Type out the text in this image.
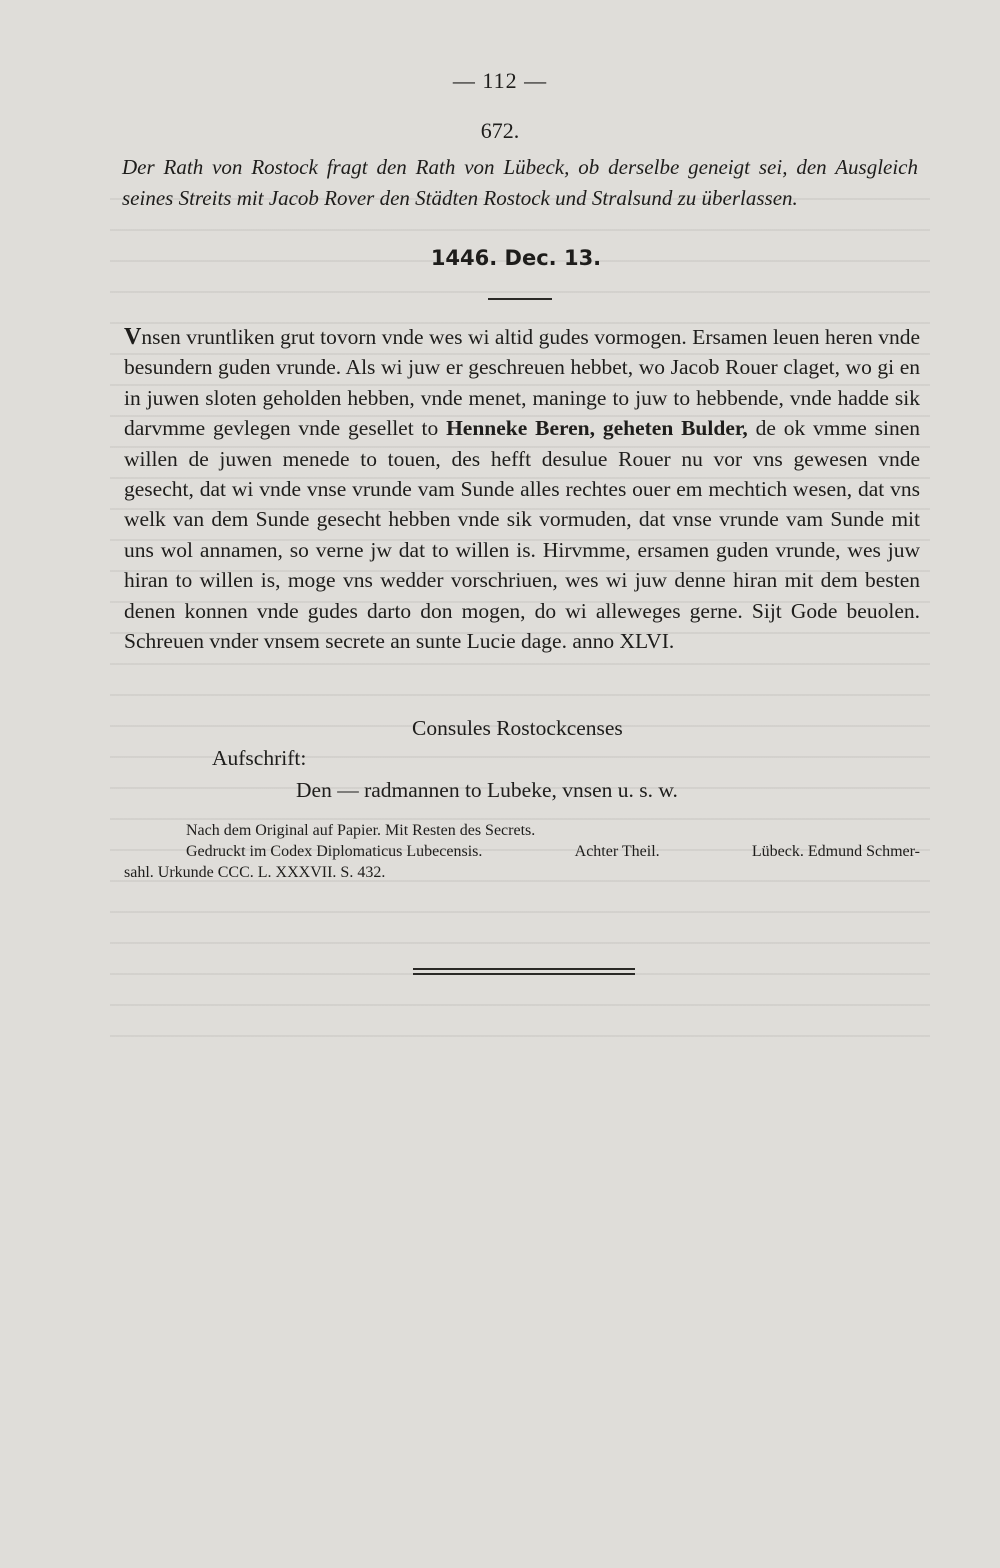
— 112 —
672.
Der Rath von Rostock fragt den Rath von Lübeck, ob derselbe geneigt sei, den Ausgleich seines Streits mit Jacob Rover den Städten Rostock und Stralsund zu überlassen.
1446. Dec. 13.
Vnsen vruntliken grut tovorn vnde wes wi altid gudes vormogen. Ersamen leuen heren vnde besundern guden vrunde. Als wi juw er geschreuen hebbet, wo Jacob Rouer claget, wo gi en in juwen sloten geholden hebben, vnde menet, maninge to juw to hebbende, vnde hadde sik darvmme gevlegen vnde gesellet to Henneke Beren, geheten Bulder, de ok vmme sinen willen de juwen menede to touen, des hefft desulue Rouer nu vor vns gewesen vnde gesecht, dat wi vnde vnse vrunde vam Sunde alles rechtes ouer em mechtich wesen, dat vns welk van dem Sunde gesecht hebben vnde sik vormuden, dat vnse vrunde vam Sunde mit uns wol annamen, so verne jw dat to willen is. Hirvmme, ersamen guden vrunde, wes juw hiran to willen is, moge vns wedder vorschriuen, wes wi juw denne hiran mit dem besten denen konnen vnde gudes darto don mogen, do wi alleweges gerne. Sijt Gode beuolen. Schreuen vnder vnsem secrete an sunte Lucie dage. anno XLVI.
Consules Rostockcenses
Aufschrift:
Den — radmannen to Lubeke, vnsen u. s. w.
Nach dem Original auf Papier. Mit Resten des Secrets.
Gedruckt im Codex Diplomaticus Lubecensis.	Achter Theil.	Lübeck. Edmund Schmer-
sahl. Urkunde CCC. L. XXXVII. S. 432.
